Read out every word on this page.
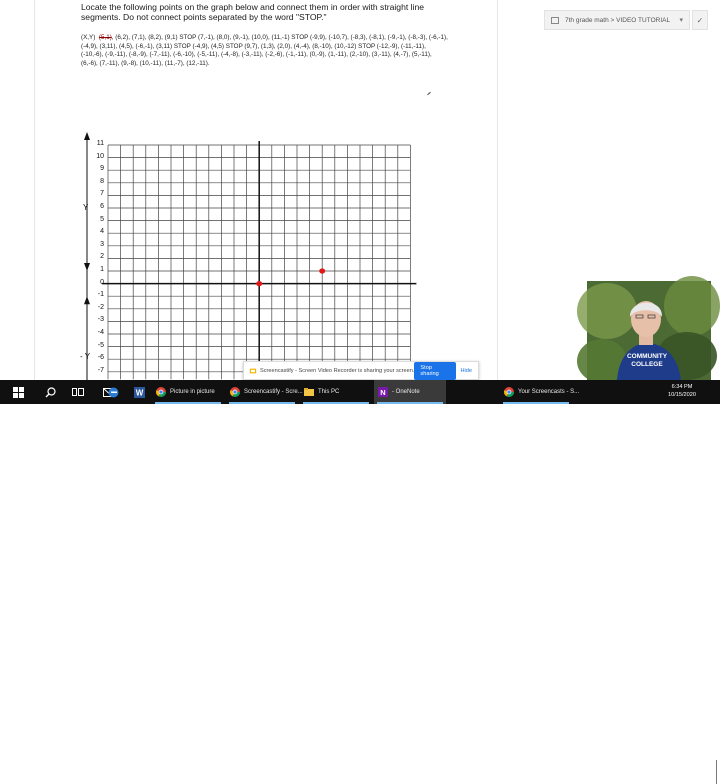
Locate the following points on the graph below and connect them in order with straight line
segments. Do not connect points separated by the word "STOP."
(X,Y) (5,1), (6,2), (7,1), (8,2), (9,1) STOP (7,-1), (8,0), (9,-1), (10,0), (11,-1) STOP (-9,9), (-10,7), (-8,3), (-8,1), (-9,-1), (-8,-3), (-6,-1), (-4,9), (3,11), (4,5), (-6,-1), (3,11) STOP (-4,9), (4,5) STOP (9,7), (1,3), (2,0), (4,-4), (8,-10), (10,-12) STOP (-12,-9), (-11,-11), (-10,-6), (-9,-11), (-8,-9), (-7,-11), (-6,-10), (-5,-11), (-4,-8), (-3,-11), (-2,-6), (-1,-11), (0,-9), (1,-11), (2,-10), (3,-11), (4,-7), (5,-11), (6,-6), (7,-11), (9,-8), (10,-11), (11,-7), (12,-11).
11
10
9
8
7
6
5
4
3
2
1
0
-1
-2
-3
-4
-5
-6
-7
Y
- Y
7th grade math > VIDEO TUTORIAL	▾ ✓
COMMUNITY
COLLEGE
Screencastify - Screen Video Recorder is sharing your screen.	Stop sharing	Hide
W	Picture in picture	Screencastify - Scre...	This PC	N - OneNote	Your Screencasts - S...
˄▭◠◖
6:34 PM
10/15/2020
